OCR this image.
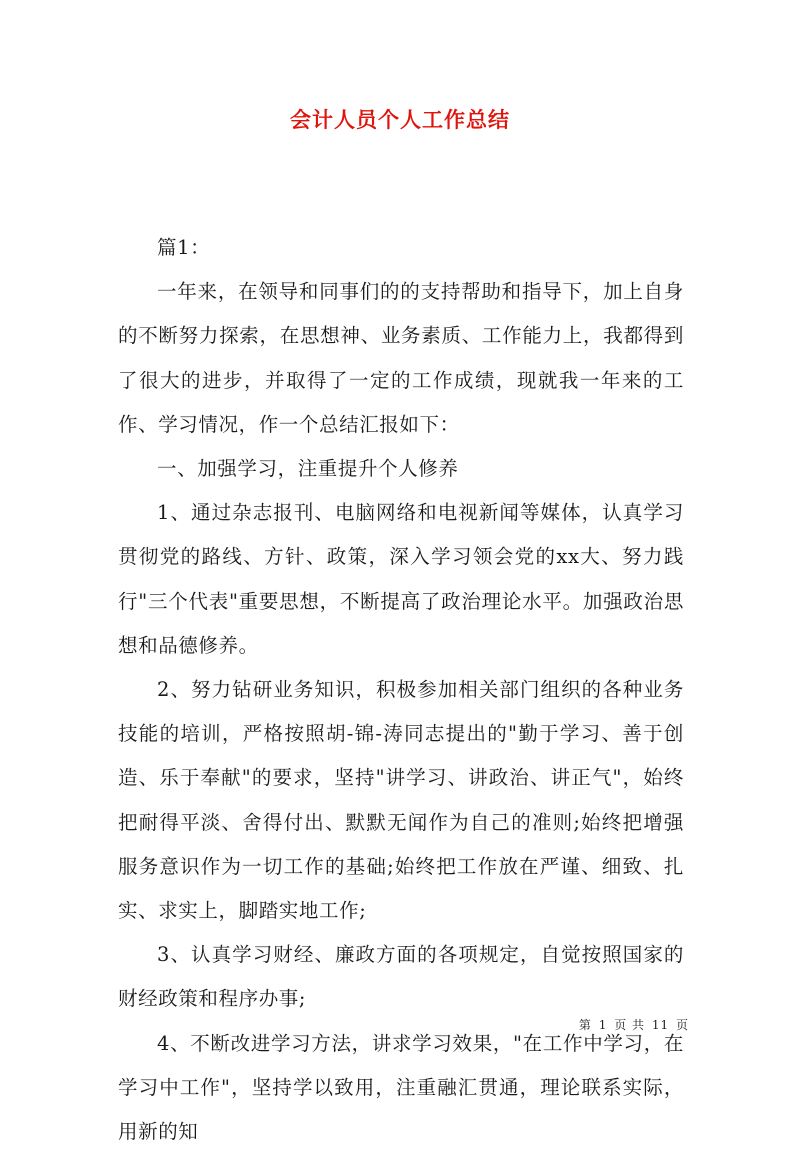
会计人员个人工作总结

篇1：

一年来，在领导和同事们的的支持帮助和指导下，加上自身的不断努力探索，在思想神、业务素质、工作能力上，我都得到了很大的进步，并取得了一定的工作成绩，现就我一年来的工作、学习情况，作一个总结汇报如下：

一、加强学习，注重提升个人修养

1、通过杂志报刊、电脑网络和电视新闻等媒体，认真学习贯彻党的路线、方针、政策，深入学习领会党的xx大、努力践行"三个代表"重要思想，不断提高了政治理论水平。加强政治思想和品德修养。

2、努力钻研业务知识，积极参加相关部门组织的各种业务技能的培训，严格按照胡-锦-涛同志提出的"勤于学习、善于创造、乐于奉献"的要求，坚持"讲学习、讲政治、讲正气"，始终把耐得平淡、舍得付出、默默无闻作为自己的准则;始终把增强服务意识作为一切工作的基础;始终把工作放在严谨、细致、扎实、求实上，脚踏实地工作;

3、认真学习财经、廉政方面的各项规定，自觉按照国家的财经政策和程序办事;

4、不断改进学习方法，讲求学习效果，"在工作中学习，在学习中工作"，坚持学以致用，注重融汇贯通，理论联系实际，用新的知

第 1 页 共 11 页
